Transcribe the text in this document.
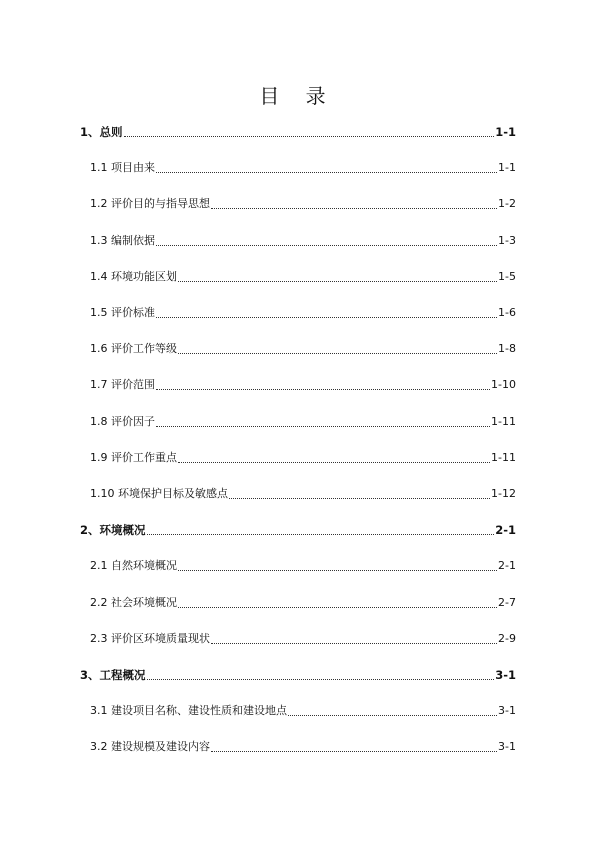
目 录
1、总则	1-1
1.1 项目由来	1-1
1.2 评价目的与指导思想	1-2
1.3 编制依据	1-3
1.4 环境功能区划	1-5
1.5 评价标准	1-6
1.6 评价工作等级	1-8
1.7 评价范围	1-10
1.8 评价因子	1-11
1.9 评价工作重点	1-11
1.10 环境保护目标及敏感点	1-12
2、环境概况	2-1
2.1 自然环境概况	2-1
2.2 社会环境概况	2-7
2.3 评价区环境质量现状	2-9
3、工程概况	3-1
3.1 建设项目名称、建设性质和建设地点	3-1
3.2 建设规模及建设内容	3-1
